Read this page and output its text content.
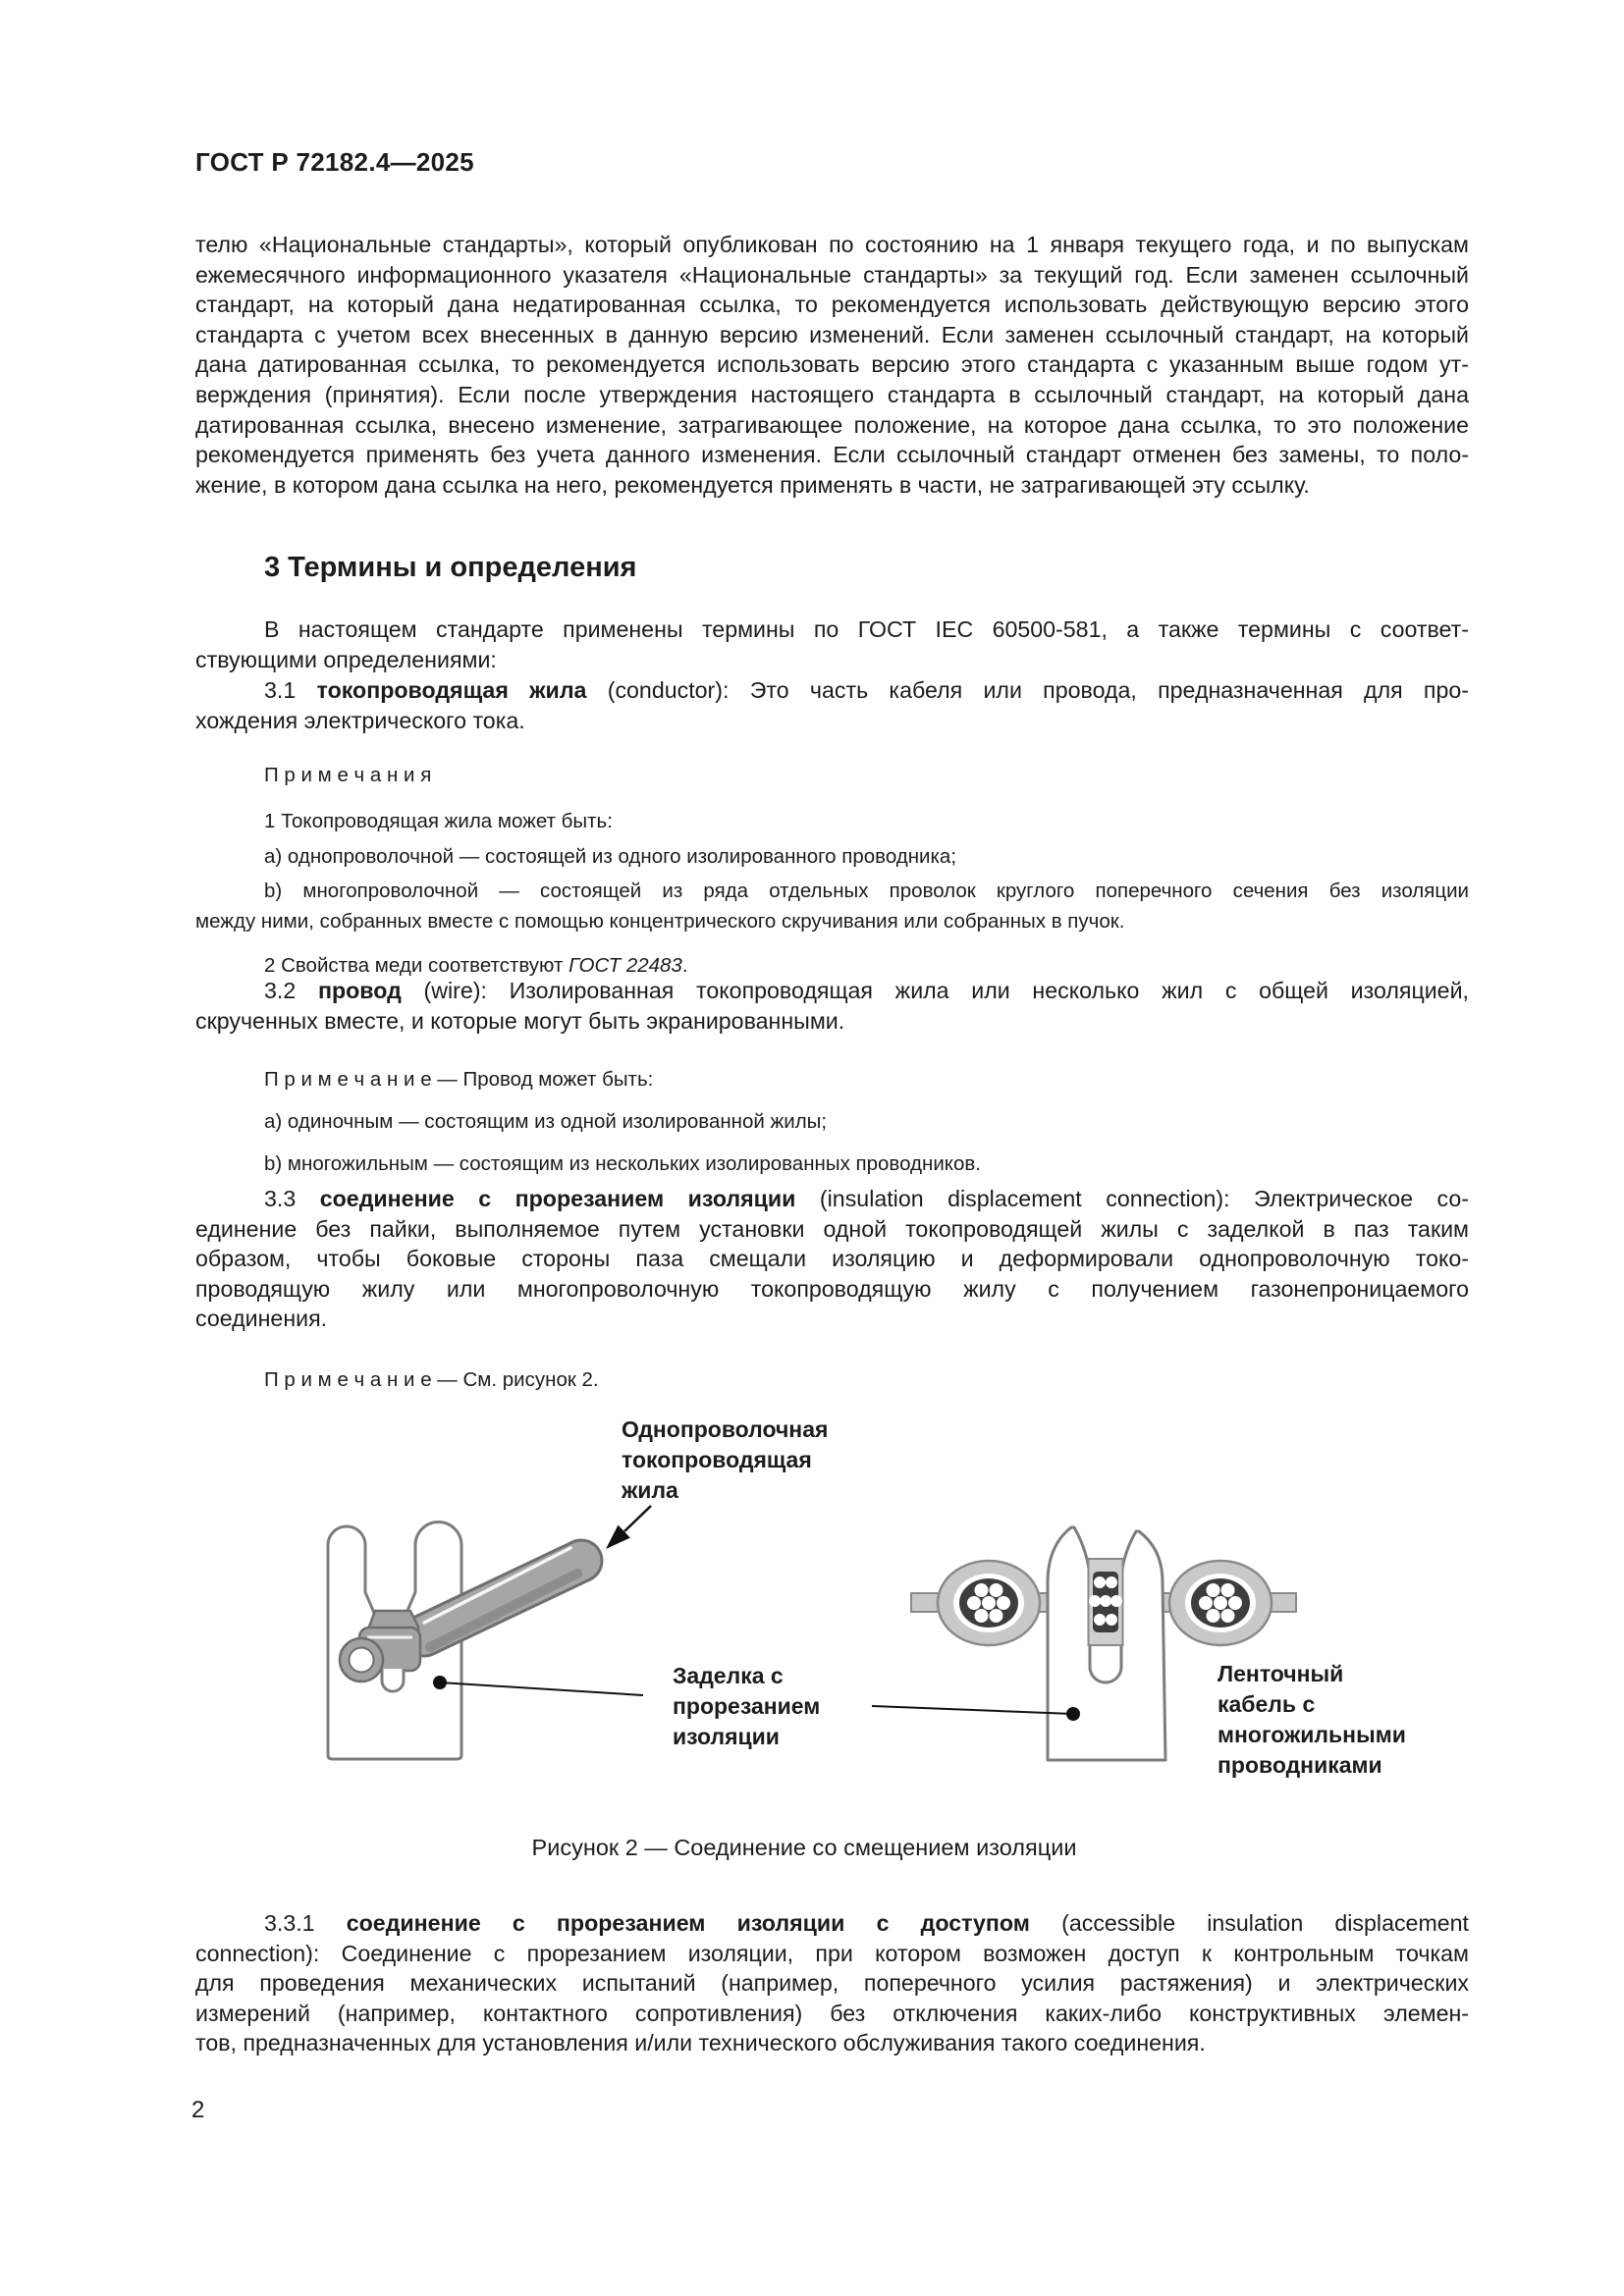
ГОСТ Р 72182.4—2025
телю «Национальные стандарты», который опубликован по состоянию на 1 января текущего года, и по выпускам
ежемесячного информационного указателя «Национальные стандарты» за текущий год. Если заменен ссылочный
стандарт, на который дана недатированная ссылка, то рекомендуется использовать действующую версию этого
стандарта с учетом всех внесенных в данную версию изменений. Если заменен ссылочный стандарт, на который
дана датированная ссылка, то рекомендуется использовать версию этого стандарта с указанным выше годом ут-
верждения (принятия). Если после утверждения настоящего стандарта в ссылочный стандарт, на который дана
датированная ссылка, внесено изменение, затрагивающее положение, на которое дана ссылка, то это положение
рекомендуется применять без учета данного изменения. Если ссылочный стандарт отменен без замены, то поло-
жение, в котором дана ссылка на него, рекомендуется применять в части, не затрагивающей эту ссылку.
3 Термины и определения
В настоящем стандарте применены термины по ГОСТ IEC 60500-581, а также термины с соответ-
ствующими определениями:
3.1 токопроводящая жила (conductor): Это часть кабеля или провода, предназначенная для про-
хождения электрического тока.
П р и м е ч а н и я
1 Токопроводящая жила может быть:
a) однопроволочной — состоящей из одного изолированного проводника;
b) многопроволочной — состоящей из ряда отдельных проволок круглого поперечного сечения без изоляции
между ними, собранных вместе с помощью концентрического скручивания или собранных в пучок.
2 Свойства меди соответствуют ГОСТ 22483.
3.2 провод (wire): Изолированная токопроводящая жила или несколько жил с общей изоляцией,
скрученных вместе, и которые могут быть экранированными.
П р и м е ч а н и е — Провод может быть:
a) одиночным — состоящим из одной изолированной жилы;
b) многожильным — состоящим из нескольких изолированных проводников.
3.3 соединение с прорезанием изоляции (insulation displacement connection): Электрическое со-
единение без пайки, выполняемое путем установки одной токопроводящей жилы с заделкой в паз таким
образом, чтобы боковые стороны паза смещали изоляцию и деформировали однопроволочную токо-
проводящую жилу или многопроволочную токопроводящую жилу с получением газонепроницаемого
соединения.
П р и м е ч а н и е — См. рисунок 2.
3.3.1 соединение с прорезанием изоляции с доступом (accessible insulation displacement
connection): Соединение с прорезанием изоляции, при котором возможен доступ к контрольным точкам
для проведения механических испытаний (например, поперечного усилия растяжения) и электрических
измерений (например, контактного сопротивления) без отключения каких-либо конструктивных элемен-
тов, предназначенных для установления и/или технического обслуживания такого соединения.
Рисунок 2 — Соединение со смещением изоляции
2
Однопроволочная
токопроводящая
жила
Заделка с
прорезанием
изоляции
Ленточный
кабель с
многожильными
проводниками
